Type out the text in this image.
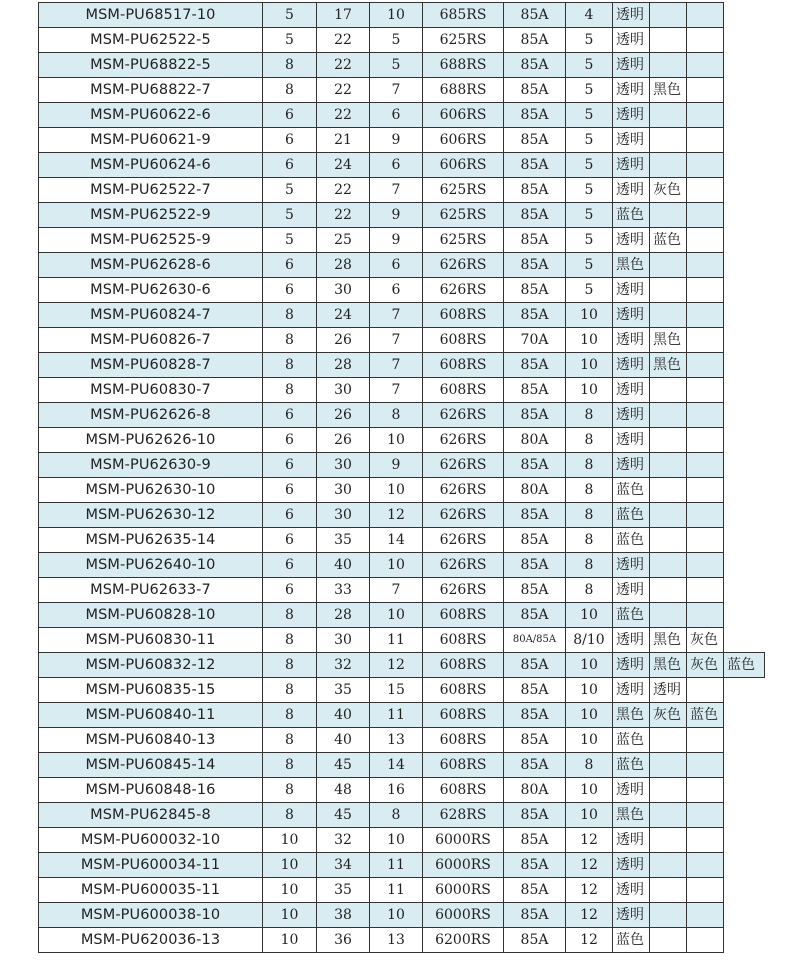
MSM-PU68517-10	5	17	10	685RS	85A	4	透明			
MSM-PU62522-5	5	22	5	625RS	85A	5	透明			
MSM-PU68822-5	8	22	5	688RS	85A	5	透明			
MSM-PU68822-7	8	22	7	688RS	85A	5	透明	黑色		
MSM-PU60622-6	6	22	6	606RS	85A	5	透明			
MSM-PU60621-9	6	21	9	606RS	85A	5	透明			
MSM-PU60624-6	6	24	6	606RS	85A	5	透明			
MSM-PU62522-7	5	22	7	625RS	85A	5	透明	灰色		
MSM-PU62522-9	5	22	9	625RS	85A	5	蓝色			
MSM-PU62525-9	5	25	9	625RS	85A	5	透明	蓝色		
MSM-PU62628-6	6	28	6	626RS	85A	5	黑色			
MSM-PU62630-6	6	30	6	626RS	85A	5	透明			
MSM-PU60824-7	8	24	7	608RS	85A	10	透明			
MSM-PU60826-7	8	26	7	608RS	70A	10	透明	黑色		
MSM-PU60828-7	8	28	7	608RS	85A	10	透明	黑色		
MSM-PU60830-7	8	30	7	608RS	85A	10	透明			
MSM-PU62626-8	6	26	8	626RS	85A	8	透明			
MSM-PU62626-10	6	26	10	626RS	80A	8	透明			
MSM-PU62630-9	6	30	9	626RS	85A	8	透明			
MSM-PU62630-10	6	30	10	626RS	80A	8	蓝色			
MSM-PU62630-12	6	30	12	626RS	85A	8	蓝色			
MSM-PU62635-14	6	35	14	626RS	85A	8	蓝色			
MSM-PU62640-10	6	40	10	626RS	85A	8	透明			
MSM-PU62633-7	6	33	7	626RS	85A	8	透明			
MSM-PU60828-10	8	28	10	608RS	85A	10	蓝色			
MSM-PU60830-11	8	30	11	608RS	80A/85A	8/10	透明	黑色	灰色	
MSM-PU60832-12	8	32	12	608RS	85A	10	透明	黑色	灰色	蓝色
MSM-PU60835-15	8	35	15	608RS	85A	10	透明	透明		
MSM-PU60840-11	8	40	11	608RS	85A	10	黑色	灰色	蓝色	
MSM-PU60840-13	8	40	13	608RS	85A	10	蓝色			
MSM-PU60845-14	8	45	14	608RS	85A	8	蓝色			
MSM-PU60848-16	8	48	16	608RS	80A	10	透明			
MSM-PU62845-8	8	45	8	628RS	85A	10	黑色			
MSM-PU600032-10	10	32	10	6000RS	85A	12	透明			
MSM-PU600034-11	10	34	11	6000RS	85A	12	透明			
MSM-PU600035-11	10	35	11	6000RS	85A	12	透明			
MSM-PU600038-10	10	38	10	6000RS	85A	12	透明			
MSM-PU620036-13	10	36	13	6200RS	85A	12	蓝色			
